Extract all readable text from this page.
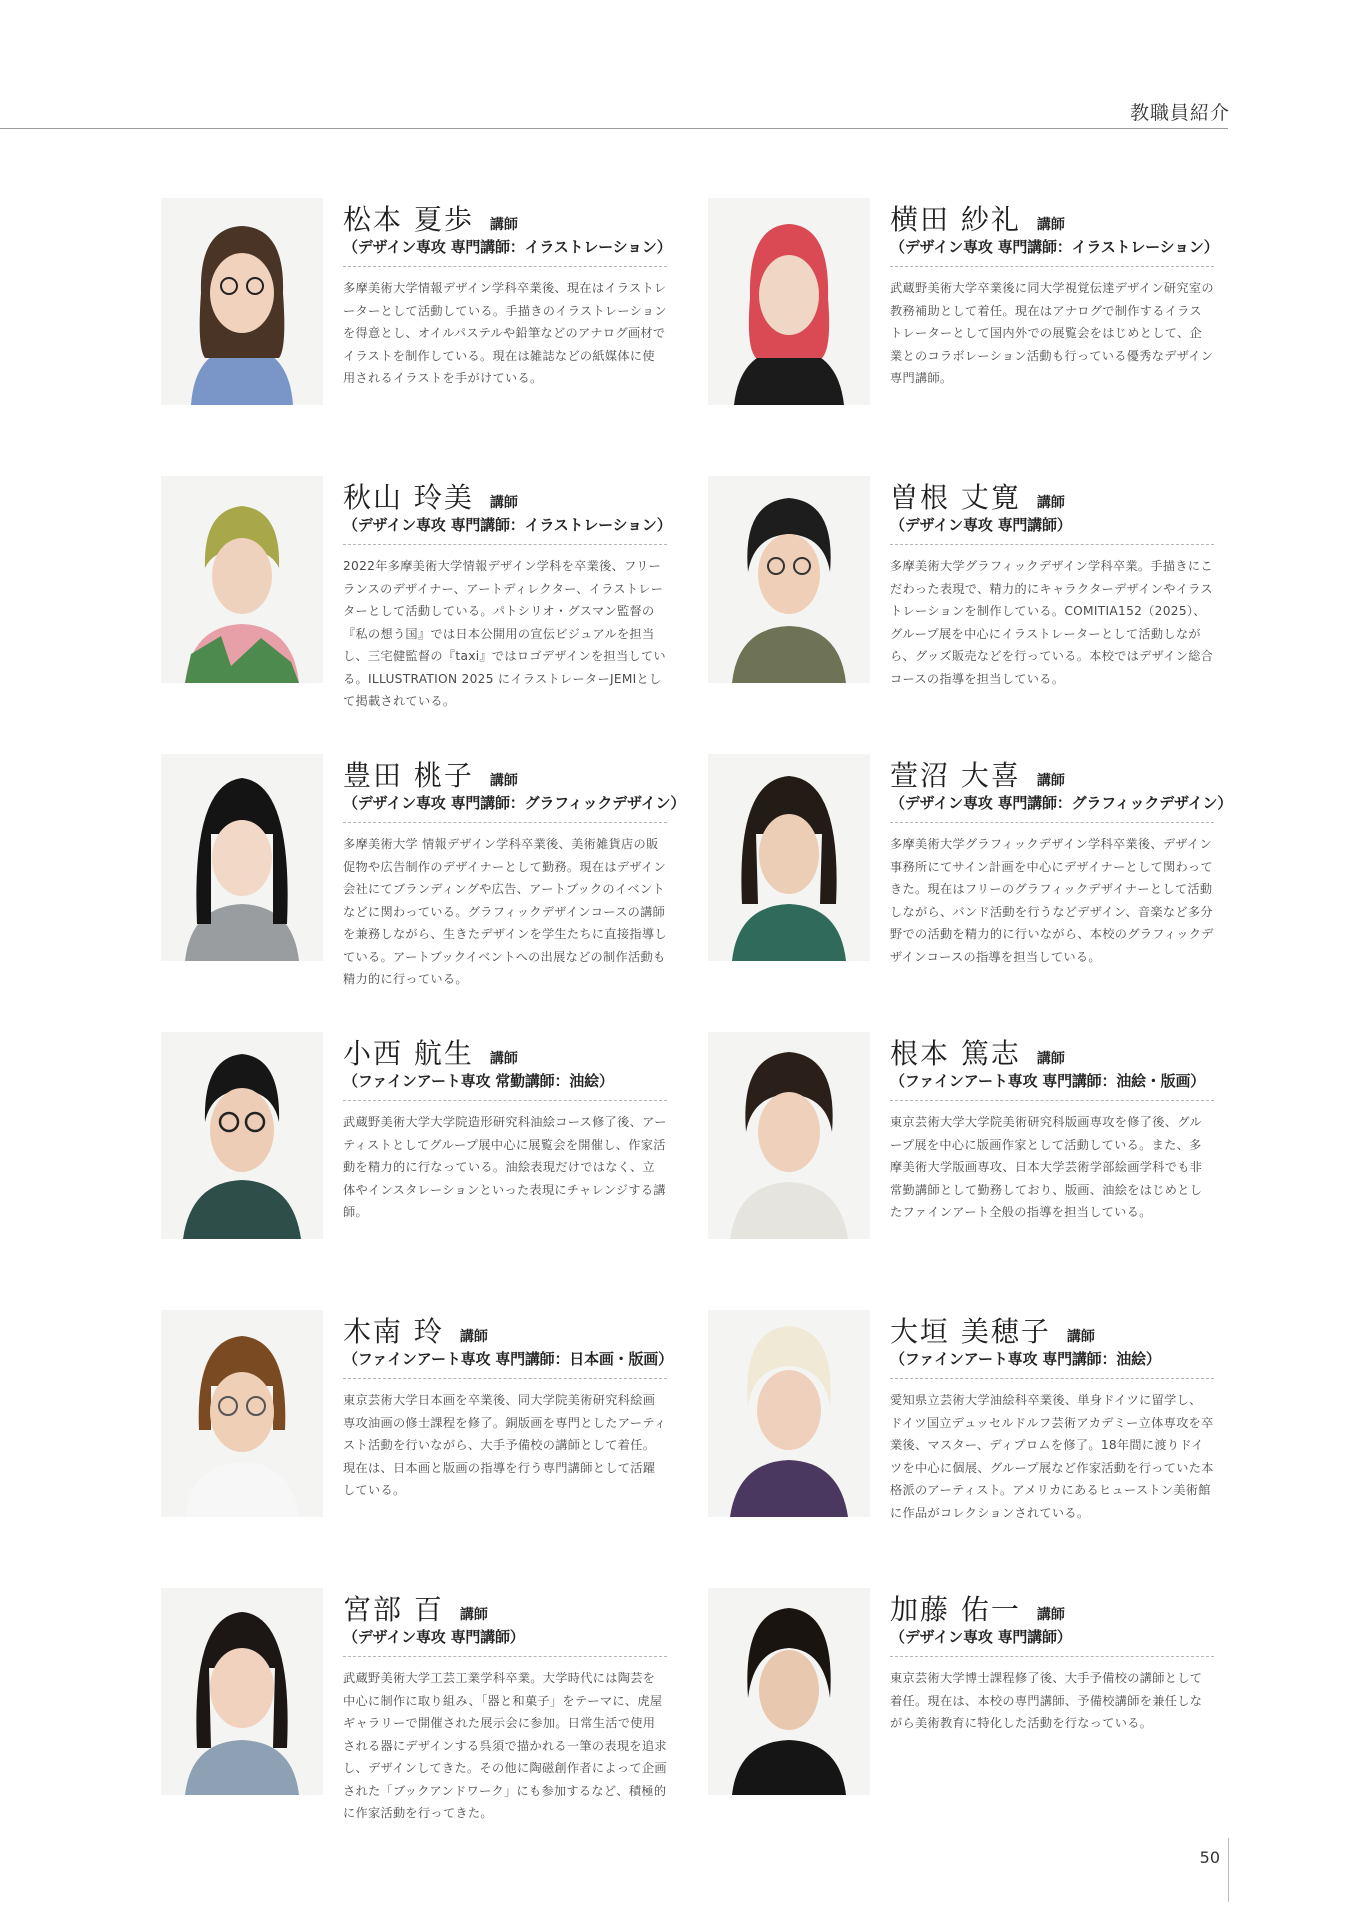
教職員紹介
松本 夏歩 講師
（デザイン専攻 専門講師：イラストレーション）
多摩美術大学情報デザイン学科卒業後、現在はイラストレーターとして活動している。手描きのイラストレーションを得意とし、オイルパステルや鉛筆などのアナログ画材でイラストを制作している。現在は雑誌などの紙媒体に使用されるイラストを手がけている。
横田 紗礼 講師
（デザイン専攻 専門講師：イラストレーション）
武蔵野美術大学卒業後に同大学視覚伝達デザイン研究室の教務補助として着任。現在はアナログで制作するイラストレーターとして国内外での展覧会をはじめとして、企業とのコラボレーション活動も行っている優秀なデザイン専門講師。
秋山 玲美 講師
（デザイン専攻 専門講師：イラストレーション）
2022年多摩美術大学情報デザイン学科を卒業後、フリーランスのデザイナー、アートディレクター、イラストレーターとして活動している。パトシリオ・グスマン監督の『私の想う国』では日本公開用の宣伝ビジュアルを担当し、三宅健監督の『taxi』ではロゴデザインを担当している。ILLUSTRATION 2025 にイラストレーターJEMIとして掲載されている。
曽根 丈寛 講師
（デザイン専攻 専門講師）
多摩美術大学グラフィックデザイン学科卒業。手描きにこだわった表現で、精力的にキャラクターデザインやイラストレーションを制作している。COMITIA152（2025）、グループ展を中心にイラストレーターとして活動しながら、グッズ販売などを行っている。本校ではデザイン総合コースの指導を担当している。
豊田 桃子 講師
（デザイン専攻 専門講師：グラフィックデザイン）
多摩美術大学 情報デザイン学科卒業後、美術雑貨店の販促物や広告制作のデザイナーとして勤務。現在はデザイン会社にてブランディングや広告、アートブックのイベントなどに関わっている。グラフィックデザインコースの講師を兼務しながら、生きたデザインを学生たちに直接指導している。アートブックイベントへの出展などの制作活動も精力的に行っている。
萱沼 大喜 講師
（デザイン専攻 専門講師：グラフィックデザイン）
多摩美術大学グラフィックデザイン学科卒業後、デザイン事務所にてサイン計画を中心にデザイナーとして関わってきた。現在はフリーのグラフィックデザイナーとして活動しながら、バンド活動を行うなどデザイン、音楽など多分野での活動を精力的に行いながら、本校のグラフィックデザインコースの指導を担当している。
小西 航生 講師
（ファインアート専攻 常勤講師：油絵）
武蔵野美術大学大学院造形研究科油絵コース修了後、アーティストとしてグループ展中心に展覧会を開催し、作家活動を精力的に行なっている。油絵表現だけではなく、立体やインスタレーションといった表現にチャレンジする講師。
根本 篤志 講師
（ファインアート専攻 専門講師：油絵・版画）
東京芸術大学大学院美術研究科版画専攻を修了後、グループ展を中心に版画作家として活動している。また、多摩美術大学版画専攻、日本大学芸術学部絵画学科でも非常勤講師として勤務しており、版画、油絵をはじめとしたファインアート全般の指導を担当している。
木南 玲 講師
（ファインアート専攻 専門講師：日本画・版画）
東京芸術大学日本画を卒業後、同大学院美術研究科絵画専攻油画の修士課程を修了。銅版画を専門としたアーティスト活動を行いながら、大手予備校の講師として着任。現在は、日本画と版画の指導を行う専門講師として活躍している。
大垣 美穂子 講師
（ファインアート専攻 専門講師：油絵）
愛知県立芸術大学油絵科卒業後、単身ドイツに留学し、ドイツ国立デュッセルドルフ芸術アカデミー立体専攻を卒業後、マスター、ディプロムを修了。18年間に渡りドイツを中心に個展、グループ展など作家活動を行っていた本格派のアーティスト。アメリカにあるヒューストン美術館に作品がコレクションされている。
宮部 百 講師
（デザイン専攻 専門講師）
武蔵野美術大学工芸工業学科卒業。大学時代には陶芸を中心に制作に取り組み、「器と和菓子」をテーマに、虎屋ギャラリーで開催された展示会に参加。日常生活で使用される器にデザインする呉須で描かれる一筆の表現を追求し、デザインしてきた。その他に陶磁創作者によって企画された「ブックアンドワーク」にも参加するなど、積極的に作家活動を行ってきた。
加藤 佑一 講師
（デザイン専攻 専門講師）
東京芸術大学博士課程修了後、大手予備校の講師として着任。現在は、本校の専門講師、予備校講師を兼任しながら美術教育に特化した活動を行なっている。
50
